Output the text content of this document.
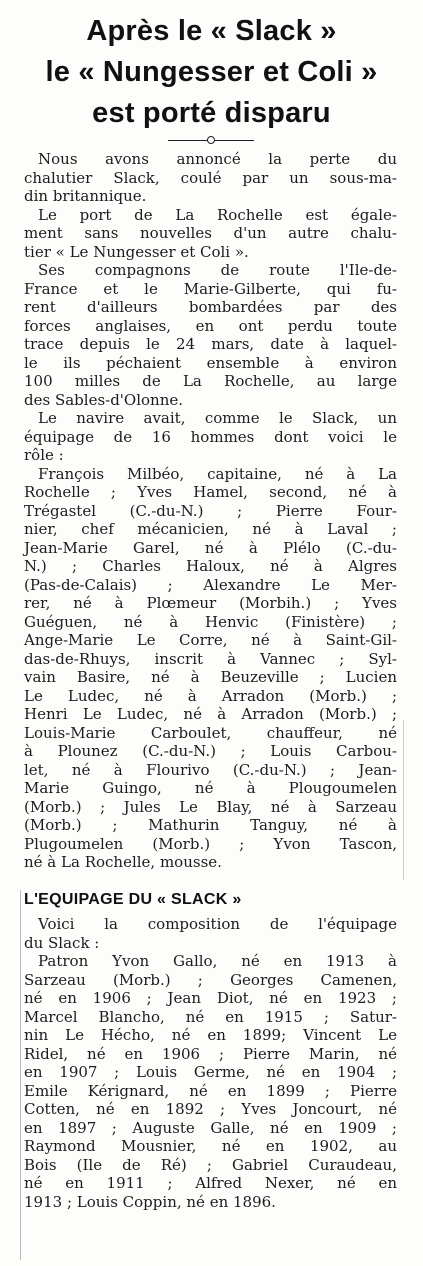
Après le « Slack »
le « Nungesser et Coli »
est porté disparu
Nous avons annoncé la perte du
chalutier Slack, coulé par un sous-ma-
din britannique.
Le port de La Rochelle est égale-
ment sans nouvelles d'un autre chalu-
tier « Le Nungesser et Coli ».
Ses compagnons de route l'Ile-de-
France et le Marie-Gilberte, qui fu-
rent d'ailleurs bombardées par des
forces anglaises, en ont perdu toute
trace depuis le 24 mars, date à laquel-
le ils péchaient ensemble à environ
100 milles de La Rochelle, au large
des Sables-d'Olonne.
Le navire avait, comme le Slack, un
équipage de 16 hommes dont voici le
rôle :
François Milbéo, capitaine, né à La
Rochelle ; Yves Hamel, second, né à
Trégastel (C.-du-N.) ; Pierre Four-
nier, chef mécanicien, né à Laval ;
Jean-Marie Garel, né à Plélo (C.-du-
N.) ; Charles Haloux, né à Algres
(Pas-de-Calais) ; Alexandre Le Mer-
rer, né à Plœmeur (Morbih.) ; Yves
Guéguen, né à Henvic (Finistère) ;
Ange-Marie Le Corre, né à Saint-Gil-
das-de-Rhuys, inscrit à Vannec ; Syl-
vain Basire, né à Beuzeville ; Lucien
Le Ludec, né à Arradon (Morb.) ;
Henri Le Ludec, né à Arradon (Morb.) ;
Louis-Marie Carboulet, chauffeur, né
à Plounez (C.-du-N.) ; Louis Carbou-
let, né à Flourivo (C.-du-N.) ; Jean-
Marie Guingo, né à Plougoumelen
(Morb.) ; Jules Le Blay, né à Sarzeau
(Morb.) ; Mathurin Tanguy, né à
Plugoumelen (Morb.) ; Yvon Tascon,
né à La Rochelle, mousse.
L'EQUIPAGE DU « SLACK »
Voici la composition de l'équipage
du Slack :
Patron Yvon Gallo, né en 1913 à
Sarzeau (Morb.) ; Georges Camenen,
né en 1906 ; Jean Diot, né en 1923 ;
Marcel Blancho, né en 1915 ; Satur-
nin Le Hécho, né en 1899; Vincent Le
Ridel, né en 1906 ; Pierre Marin, né
en 1907 ; Louis Germe, né en 1904 ;
Emile Kérignard, né en 1899 ; Pierre
Cotten, né en 1892 ; Yves Joncourt, né
en 1897 ; Auguste Galle, né en 1909 ;
Raymond Mousnier, né en 1902, au
Bois (Ile de Ré) ; Gabriel Curaudeau,
né en 1911 ; Alfred Nexer, né en
1913 ; Louis Coppin, né en 1896.
